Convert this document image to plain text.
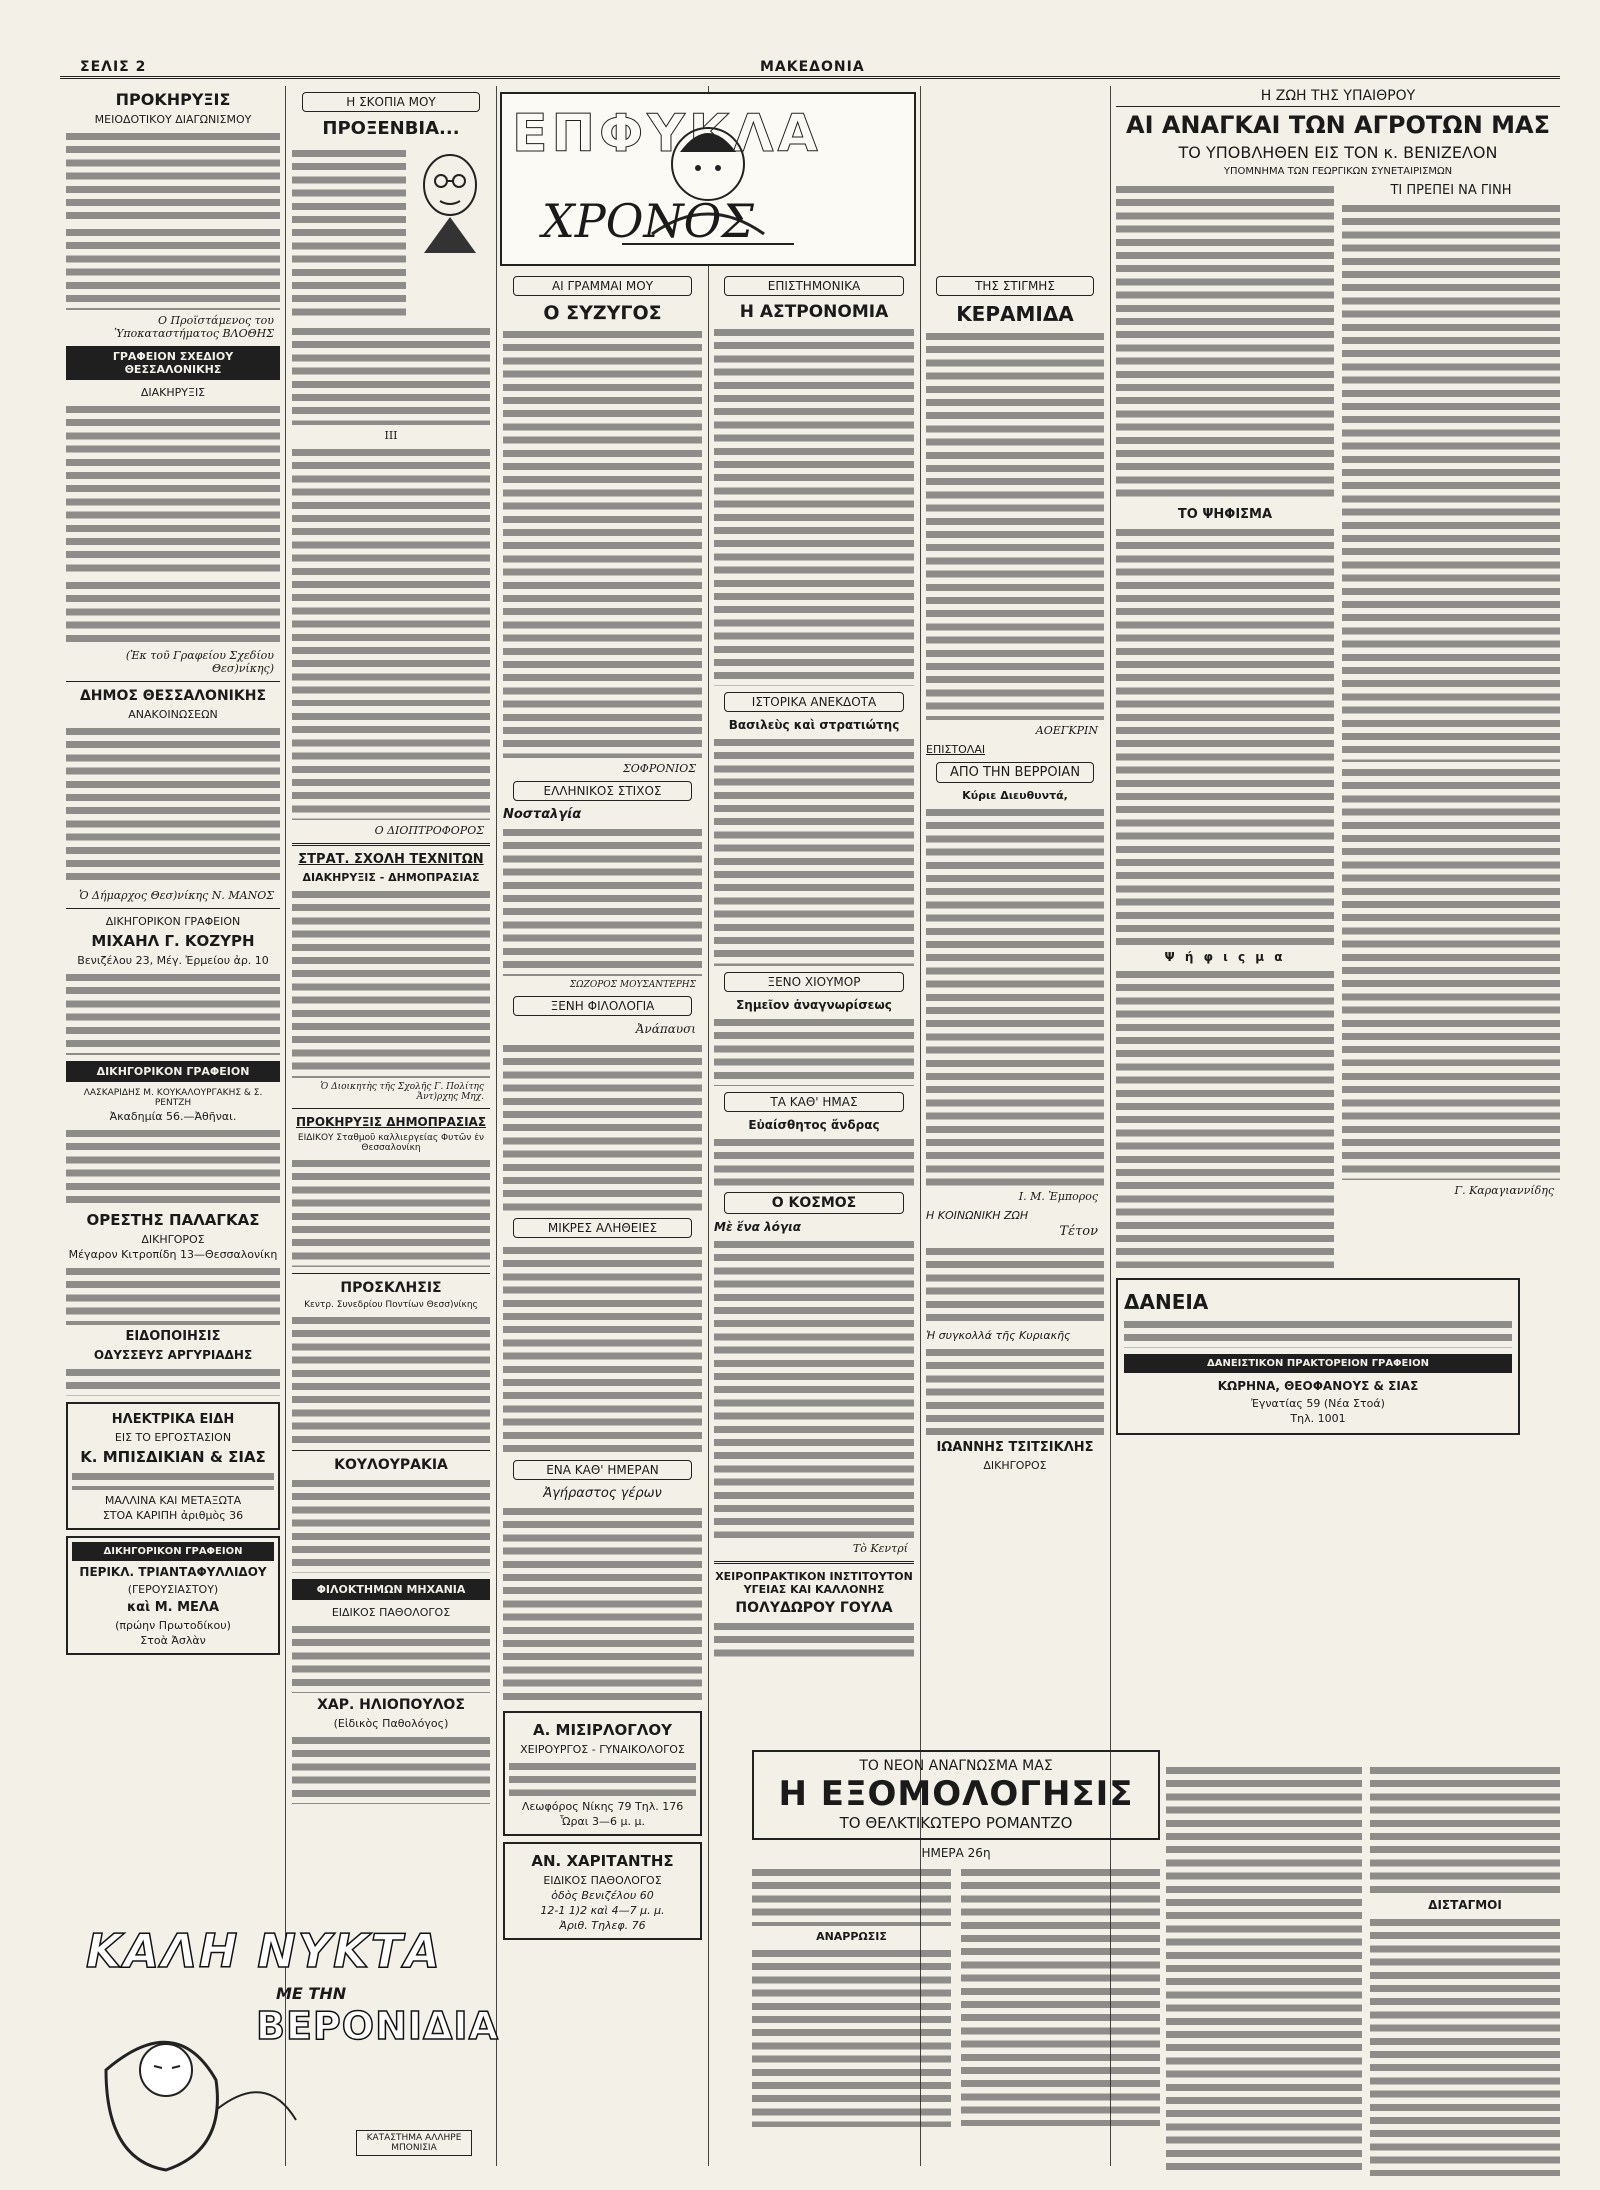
ΣΕΛΙΣ 2	ΜΑΚΕΔΟΝΙΑ
ΠΡΟΚΗΡΥΞΙΣ
ΜΕΙΟΔΟΤΙΚΟΥ ΔΙΑΓΩΝΙΣΜΟΥ
Ο Προϊστάμενος του Ὑποκαταστήματος ΒΛΟΘΗΣ
ΓΡΑΦΕΙΟΝ ΣΧΕΔΙΟΥ ΘΕΣΣΑΛΟΝΙΚΗΣ
ΔΙΑΚΗΡΥΞΙΣ
(Ἐκ τοῦ Γραφείου Σχεδίου Θεσ)νίκης)
ΔΗΜΟΣ ΘΕΣΣΑΛΟΝΙΚΗΣ
ΑΝΑΚΟΙΝΩΣΕΩΝ
Ὁ Δήμαρχος Θεσ)νίκης Ν. ΜΑΝΟΣ
ΔΙΚΗΓΟΡΙΚΟΝ ΓΡΑΦΕΙΟΝ
ΜΙΧΑΗΛ Γ. ΚΟΖΥΡΗ
Βενιζέλου 23, Μέγ. Ἐρμείου ἀρ. 10
ΔΙΚΗΓΟΡΙΚΟΝ ΓΡΑΦΕΙΟΝ
ΛΑΣΚΑΡΙΔΗΣ Μ. ΚΟΥΚΑΛΟΥΡΓΑΚΗΣ & Σ. ΡΕΝΤΖΗ
Ἀκαδημία 56.—Ἀθῆναι.
ΟΡΕΣΤΗΣ ΠΑΛΑΓΚΑΣ
ΔΙΚΗΓΟΡΟΣ
Μέγαρον Κιτροπίδη 13—Θεσσαλονίκη
ΕΙΔΟΠΟΙΗΣΙΣ
ΟΔΥΣΣΕΥΣ ΑΡΓΥΡΙΑΔΗΣ
ΗΛΕΚΤΡΙΚΑ ΕΙΔΗ
ΕΙΣ ΤΟ ΕΡΓΟΣΤΑΣΙΟΝ
Κ. ΜΠΙΣΔΙΚΙΑΝ & ΣΙΑΣ
ΜΑΛΛΙΝΑ ΚΑΙ ΜΕΤΑΞΩΤΑ
ΣΤΟΑ ΚΑΡΙΠΗ ἀριθμὸς 36
ΔΙΚΗΓΟΡΙΚΟΝ ΓΡΑΦΕΙΟΝ
ΠΕΡΙΚΛ. ΤΡΙΑΝΤΑΦΥΛΛΙΔΟΥ
(ΓΕΡΟΥΣΙΑΣΤΟΥ)
καὶ Μ. ΜΕΛΑ
(πρώην Πρωτοδίκου)
Στοὰ Ἀσλὰν
Η ΣΚΟΠΙΑ ΜΟΥ
ΠΡΟΞΕΝΒΙΑ...
III
Ο ΔΙΟΠΤΡΟΦΟΡΟΣ
ΣΤΡΑΤ. ΣΧΟΛΗ ΤΕΧΝΙΤΩΝ
ΔΙΑΚΗΡΥΞΙΣ - ΔΗΜΟΠΡΑΣΙΑΣ
Ὁ Διοικητὴς τῆς Σχολῆς Γ. Πολίτης Ἀντ)ρχης Μηχ.
ΠΡΟΚΗΡΥΞΙΣ ΔΗΜΟΠΡΑΣΙΑΣ
ΕΙΔΙΚΟΥ Σταθμοῦ καλλιεργείας Φυτῶν ἐν Θεσσαλονίκη
ΠΡΟΣΚΛΗΣΙΣ
Κεντρ. Συνεδρίου Ποντίων Θεσσ)νίκης
ΚΟΥΛΟΥΡΑΚΙΑ
ΦΙΛΟΚΤΗΜΩΝ ΜΗΧΑΝΙΑ
ΕΙΔΙΚΟΣ ΠΑΘΟΛΟΓΟΣ
ΧΑΡ. ΗΛΙΟΠΟΥΛΟΣ
(Εἰδικὸς Παθολόγος)
ΕΠΦΥΚΛΑ
ΧΡΟΝΟΣ
ΑΙ ΓΡΑΜΜΑΙ ΜΟΥ
Ο ΣΥΖΥΓΟΣ
ΣΟΦΡΟΝΙΟΣ
ΕΛΛΗΝΙΚΟΣ ΣΤΙΧΟΣ
Νοσταλγία
ΣΩΖΟΡΟΣ ΜΟΥΣΑΝΤΕΡΗΣ
ΞΕΝΗ ΦΙΛΟΛΟΓΙΑ
Ἀνάπαυσι
ΜΙΚΡΕΣ ΑΛΗΘΕΙΕΣ
ΕΝΑ ΚΑΘ' ΗΜΕΡΑΝ
Ἀγήραστος γέρων
Α. ΜΙΣΙΡΛΟΓΛΟΥ
ΧΕΙΡΟΥΡΓΟΣ - ΓΥΝΑΙΚΟΛΟΓΟΣ
Λεωφόρος Νίκης 79 Τηλ. 176
Ὧραι 3—6 μ. μ.
ΑΝ. ΧΑΡΙΤΑΝΤΗΣ
ΕΙΔΙΚΟΣ ΠΑΘΟΛΟΓΟΣ
ὁδὸς Βενιζέλου 60
12-1 1)2 καὶ 4—7 μ. μ.
Ἀριθ. Τηλεφ. 76
ΕΠΙΣΤΗΜΟΝΙΚΑ
Η ΑΣΤΡΟΝΟΜΙΑ
ΙΣΤΟΡΙΚΑ ΑΝΕΚΔΟΤΑ
Βασιλεὺς καὶ στρατιώτης
ΞΕΝΟ ΧΙΟΥΜΟΡ
Σημεῖον ἀναγνωρίσεως
ΤΑ ΚΑΘ' ΗΜΑΣ
Εὐαίσθητος ἄνδρας
Ο ΚΟΣΜΟΣ
Μὲ ἕνα λόγια
Τὸ Κεντρί
ΧΕΙΡΟΠΡΑΚΤΙΚΟΝ ΙΝΣΤΙΤΟΥΤΟΝ ΥΓΕΙΑΣ ΚΑΙ ΚΑΛΛΟΝΗΣ
ΠΟΛΥΔΩΡΟΥ ΓΟΥΛΑ
ΤΗΣ ΣΤΙΓΜΗΣ
ΚΕΡΑΜΙΔΑ
ΑΟΕΓΚΡΙΝ
ΕΠΙΣΤΟΛΑΙ
ΑΠΟ ΤΗΝ ΒΕΡΡΟΙΑΝ
Κύριε Διευθυντά,
Ι. Μ. Ἐμπορος
Η ΚΟΙΝΩΝΙΚΗ ΖΩΗ
Τέτον
Ἡ συγκολλά τῆς Κυριακῆς
ΙΩΑΝΝΗΣ ΤΣΙΤΣΙΚΛΗΣ
ΔΙΚΗΓΟΡΟΣ
Η ΖΩΗ ΤΗΣ ΥΠΑΙΘΡΟΥ
ΑΙ ΑΝΑΓΚΑΙ ΤΩΝ ΑΓΡΟΤΩΝ ΜΑΣ
ΤΟ ΥΠΟΒΛΗΘΕΝ ΕΙΣ ΤΟΝ κ. ΒΕΝΙΖΕΛΟΝ
ΥΠΟΜΝΗΜΑ ΤΩΝ ΓΕΩΡΓΙΚΩΝ ΣΥΝΕΤΑΙΡΙΣΜΩΝ
ΤΟ ΨΗΦΙΣΜΑ
Ψ ή φ ι ς μ α
ΤΙ ΠΡΕΠΕΙ ΝΑ ΓΙΝΗ
Γ. Καραγιαννίδης
ΔΑΝΕΙΑ
ΔΑΝΕΙΣΤΙΚΟΝ ΠΡΑΚΤΟΡΕΙΟΝ ΓΡΑΦΕΙΟΝ
ΚΩΡΗΝΑ, ΘΕΟΦΑΝΟΥΣ & ΣΙΑΣ
Ἐγνατίας 59 (Νέα Στοά)
Τηλ. 1001
ΤΟ ΝΕΟΝ ΑΝΑΓΝΩΣΜΑ ΜΑΣ
Η ΕΞΟΜΟΛΟΓΗΣΙΣ
ΤΟ ΘΕΛΚΤΙΚΩΤΕΡΟ ΡΟΜΑΝΤΖΟ
ΗΜΕΡΑ 26η
ΑΝΑΡΡΩΣΙΣ
ΔΙΣΤΑΓΜΟΙ
ΚΑΛΗ ΝΥΚΤΑ
ΜΕ ΤΗΝ
ΒΕΡΟΝΙΔΙΑ
ΚΑΤΑΣΤΗΜΑ ΑΛΛΗΡΕ ΜΠΟΝΙΣΙΑ
